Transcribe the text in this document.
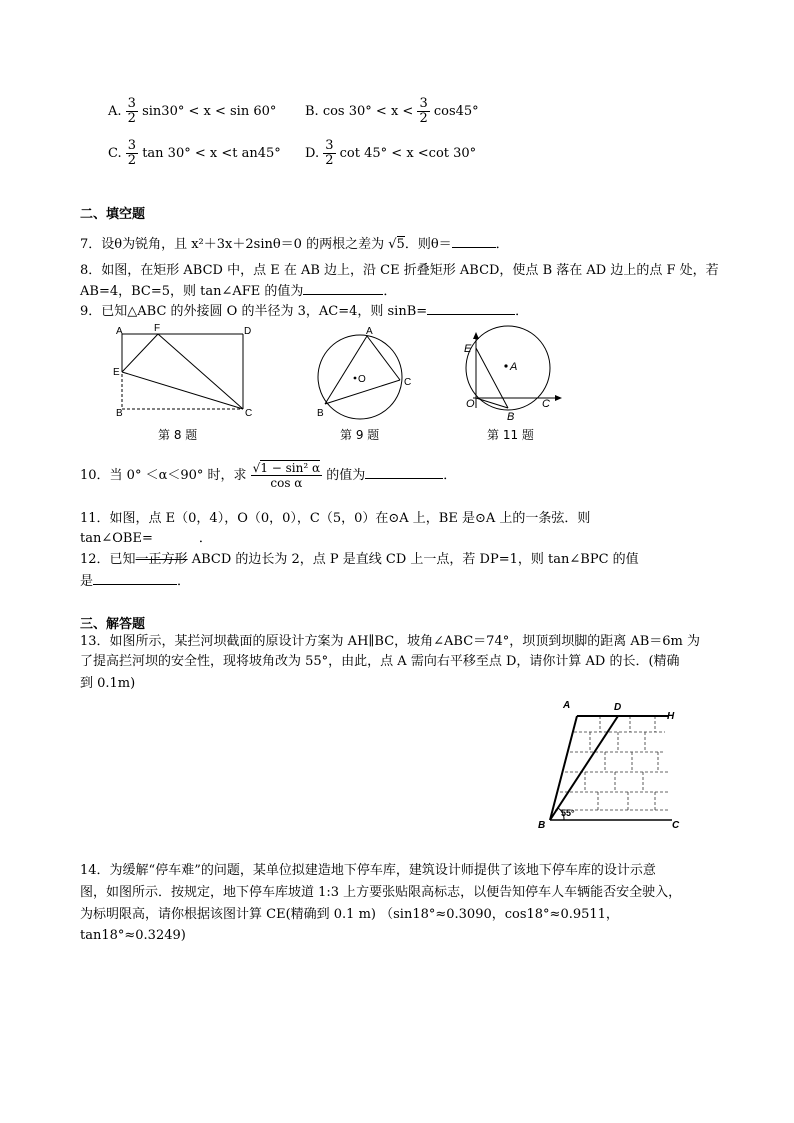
A. $\frac{3}{2} \sin 30^\circ < x < \sin 60^\circ$ B. $\cos 30^\circ < x < \frac{3}{2} \cos 45^\circ$
C. $\frac{3}{2}$ tan 30° < x <t an45° D. $\frac{3}{2}$ cot 45° < x <cot 30°
二、填空题
7．设θ为锐角，且 x²＋3x＋2sinθ＝0 的两根之差为 √5．则θ＝	．
8．如图，在矩形 ABCD 中，点 E 在 AB 边上，沿 CE 折叠矩形 ABCD，使点 B 落在 AD 边上的点 F 处，若
AB=4，BC=5，则 tan∠AFE 的值为	．
9．已知△ABC 的外接圆 O 的半径为 3，AC=4，则 sinB=	．
A	F	D
E
B	C
第 8 题
A
O	C
B
第 9 题
E
A
O
B
C
第 11 题
10．当 0° ＜α＜90° 时，求 $\frac{\text{√1 − sin² α}}{\text{cos α}}$ 的值为	．
11．如图，点 E（0，4），O（0，0），C（5，0）在⊙A 上，BE 是⊙A 上的一条弦．则
tan∠OBE=	．
12．已知一正方形 ABCD 的边长为 2，点 P 是直线 CD 上一点，若 DP=1，则 tan∠BPC 的值
是	．
三、解答题
13．如图所示，某拦河坝截面的原设计方案为 AH∥BC，坡角∠ABC＝74°，坝顶到坝脚的距离 AB＝6m 为
了提高拦河坝的安全性，现将坡角改为 55°，由此，点 A 需向右平移至点 D，请你计算 AD 的长．(精确
到 0.1m)
A	D
H
B	C
55°
14．为缓解“停车难”的问题，某单位拟建造地下停车库，建筑设计师提供了该地下停车库的设计示意
图，如图所示．按规定，地下停车库坡道 1:3 上方要张贴限高标志，以便告知停车人车辆能否安全驶入，
为标明限高，请你根据该图计算 CE(精确到 0.1 m) （sin18°≈0.3090，cos18°≈0.9511，
tan18°≈0.3249)
